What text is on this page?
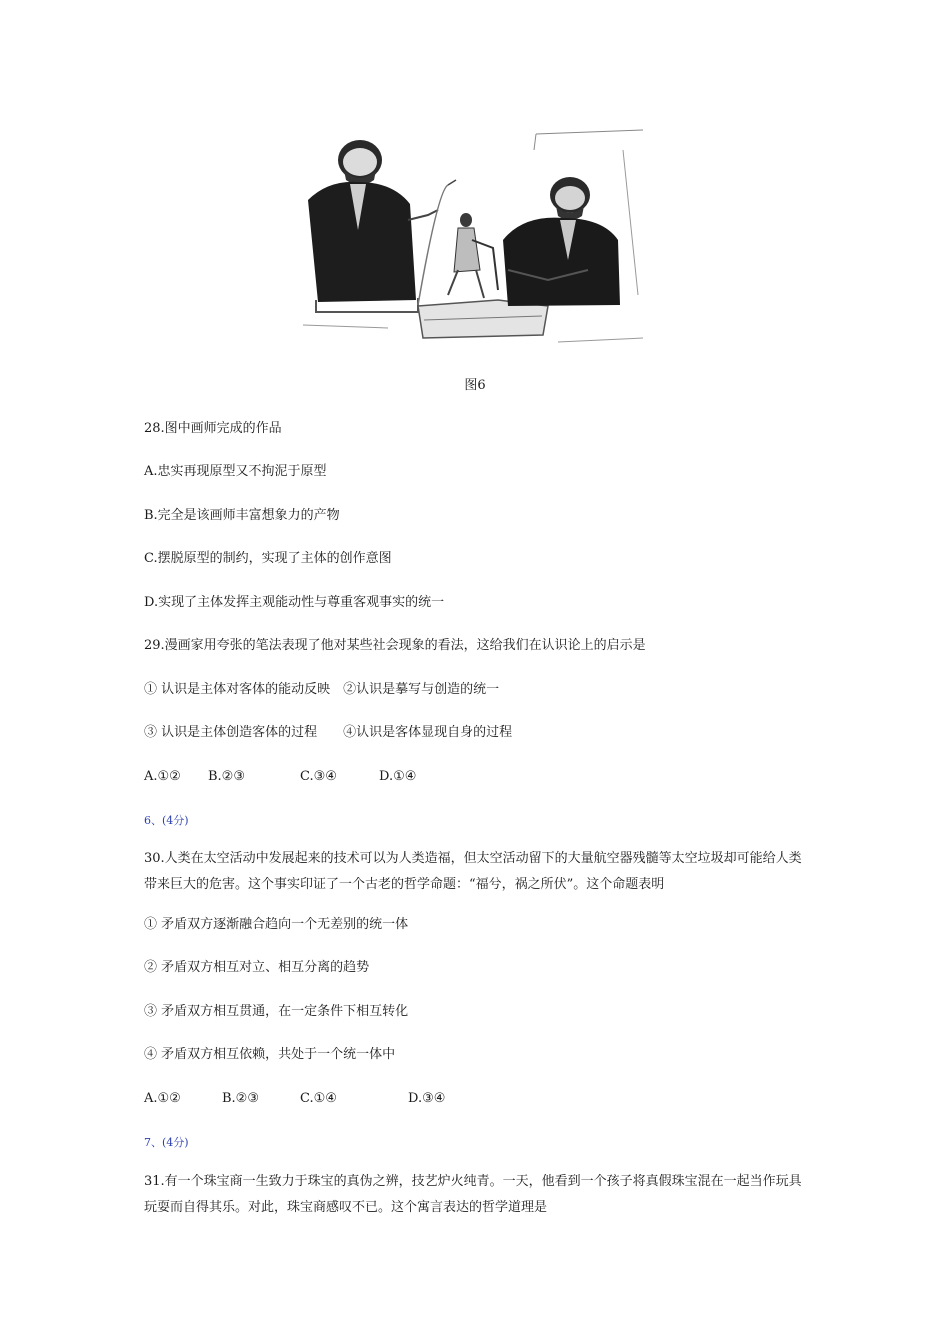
图6
28.图中画师完成的作品
A.忠实再现原型又不拘泥于原型
B.完全是该画师丰富想象力的产物
C.摆脱原型的制约，实现了主体的创作意图
D.实现了主体发挥主观能动性与尊重客观事实的统一
29.漫画家用夸张的笔法表现了他对某些社会现象的看法，这给我们在认识论上的启示是
① 认识是主体对客体的能动反映　②认识是摹写与创造的统一
③ 认识是主体创造客体的过程　　④认识是客体显现自身的过程
A.①② B.②③	C.③④	D.①④
6、(4分)
30.人类在太空活动中发展起来的技术可以为人类造福，但太空活动留下的大量航空器残髓等太空垃圾却可能给人类带来巨大的危害。这个事实印证了一个古老的哲学命题：“福兮，祸之所伏”。这个命题表明
① 矛盾双方逐渐融合趋向一个无差别的统一体
② 矛盾双方相互对立、相互分离的趋势
③ 矛盾双方相互贯通，在一定条件下相互转化
④ 矛盾双方相互依赖，共处于一个统一体中
A.①②	B.②③	C.①④	D.③④
7、(4分)
31.有一个珠宝商一生致力于珠宝的真伪之辨，技艺炉火纯青。一天，他看到一个孩子将真假珠宝混在一起当作玩具玩耍而自得其乐。对此，珠宝商感叹不已。这个寓言表达的哲学道理是
